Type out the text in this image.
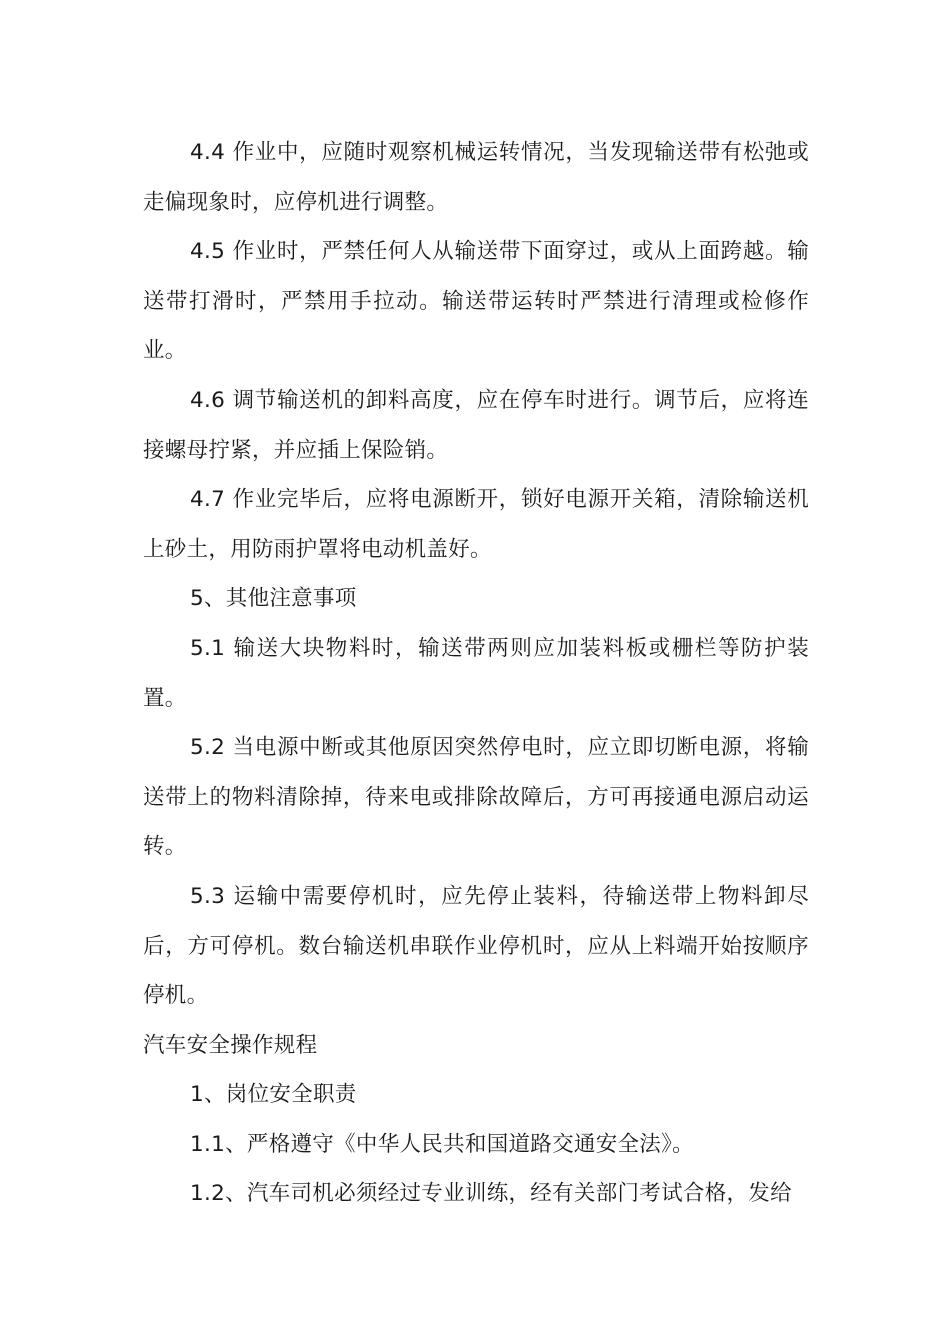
4.4 作业中，应随时观察机械运转情况，当发现输送带有松弛或走偏现象时，应停机进行调整。

4.5 作业时，严禁任何人从输送带下面穿过，或从上面跨越。输送带打滑时，严禁用手拉动。输送带运转时严禁进行清理或检修作业。

4.6 调节输送机的卸料高度，应在停车时进行。调节后，应将连接螺母拧紧，并应插上保险销。

4.7 作业完毕后，应将电源断开，锁好电源开关箱，清除输送机上砂土，用防雨护罩将电动机盖好。

5、其他注意事项

5.1 输送大块物料时，输送带两则应加装料板或栅栏等防护装置。

5.2 当电源中断或其他原因突然停电时，应立即切断电源，将输送带上的物料清除掉，待来电或排除故障后，方可再接通电源启动运转。

5.3 运输中需要停机时，应先停止装料，待输送带上物料卸尽后，方可停机。数台输送机串联作业停机时，应从上料端开始按顺序停机。

汽车安全操作规程

1、岗位安全职责

1.1、严格遵守《中华人民共和国道路交通安全法》。

1.2、汽车司机必须经过专业训练，经有关部门考试合格，发给
